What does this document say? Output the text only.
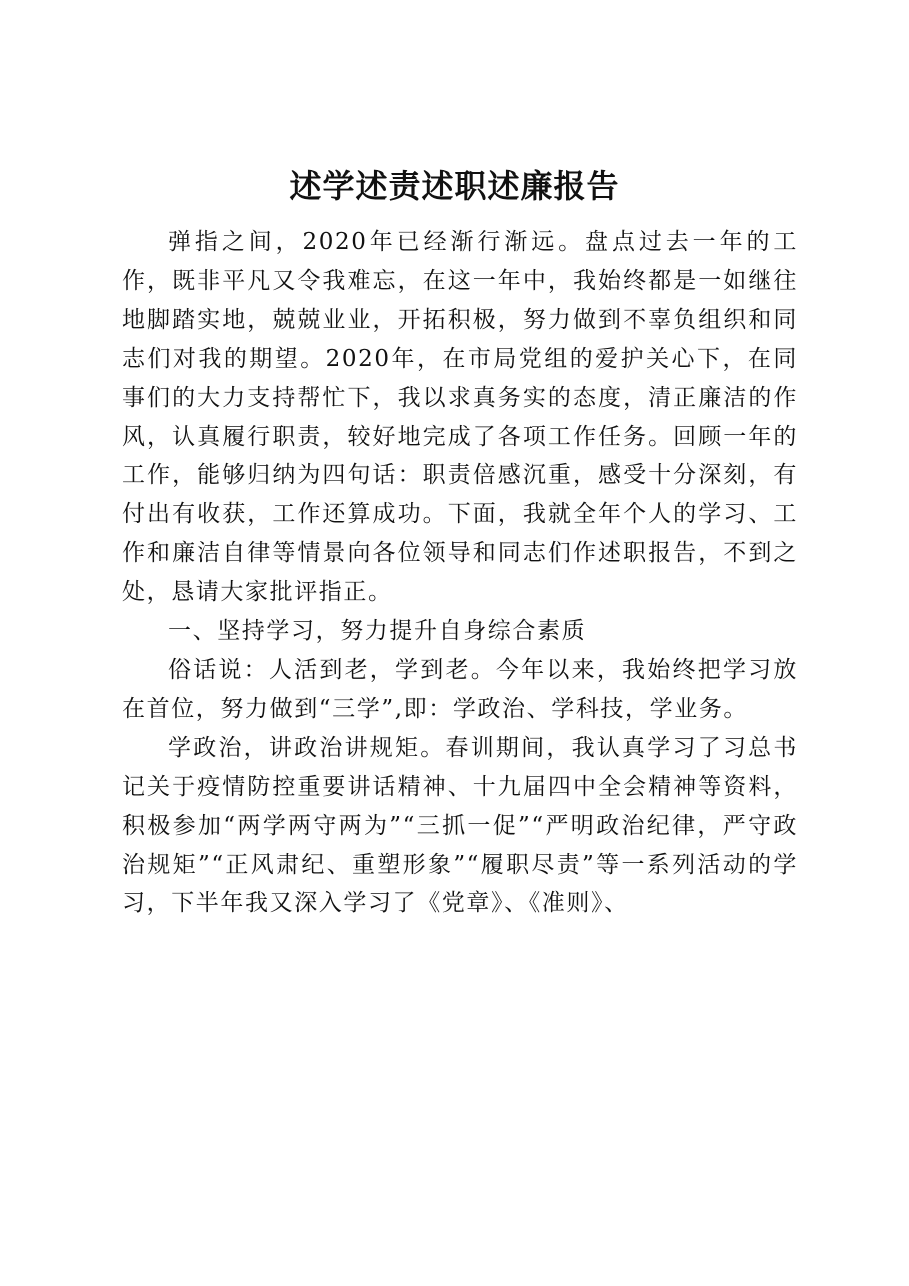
述学述责述职述廉报告

弹指之间，2020年已经渐行渐远。盘点过去一年的工作，既非平凡又令我难忘，在这一年中，我始终都是一如继往地脚踏实地，兢兢业业，开拓积极，努力做到不辜负组织和同志们对我的期望。2020年，在市局党组的爱护关心下，在同事们的大力支持帮忙下，我以求真务实的态度，清正廉洁的作风，认真履行职责，较好地完成了各项工作任务。回顾一年的工作，能够归纳为四句话：职责倍感沉重，感受十分深刻，有付出有收获，工作还算成功。下面，我就全年个人的学习、工作和廉洁自律等情景向各位领导和同志们作述职报告，不到之处，恳请大家批评指正。

一、坚持学习，努力提升自身综合素质

俗话说：人活到老，学到老。今年以来，我始终把学习放在首位，努力做到“三学”,即：学政治、学科技，学业务。

学政治，讲政治讲规矩。春训期间，我认真学习了习总书记关于疫情防控重要讲话精神、十九届四中全会精神等资料，积极参加“两学两守两为”“三抓一促”“严明政治纪律，严守政治规矩”“正风肃纪、重塑形象”“履职尽责”等一系列活动的学习，下半年我又深入学习了《党章》、《准则》、
